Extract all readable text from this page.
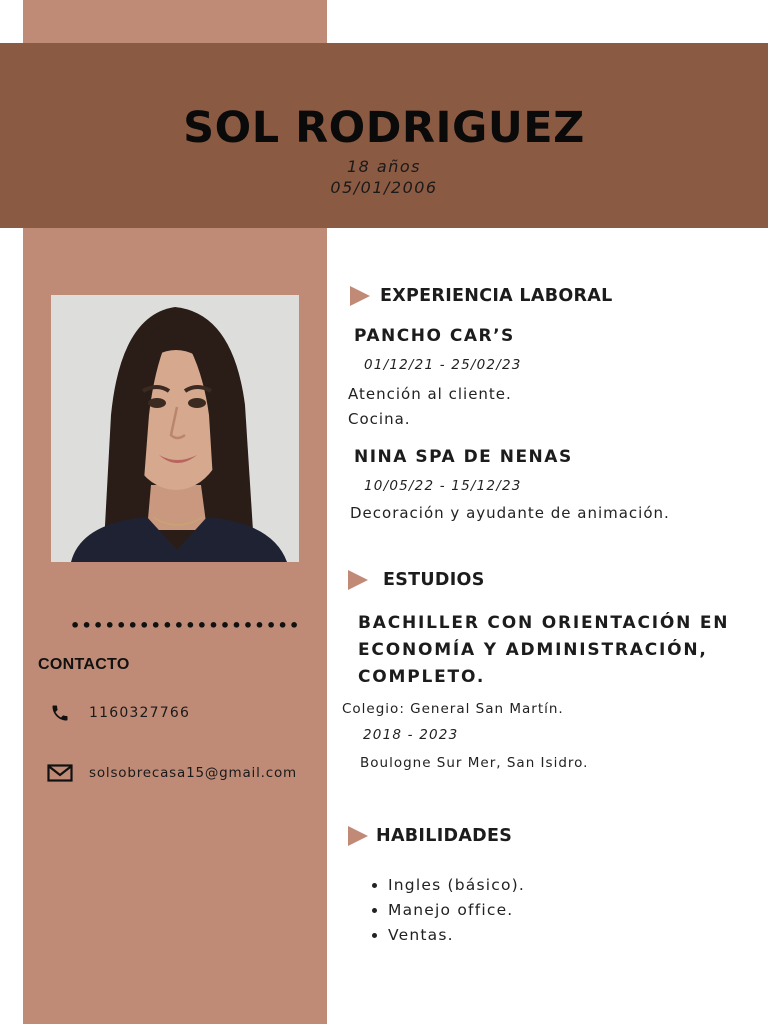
SOL RODRIGUEZ
18 años
05/01/2006
••••••••••••••••••••
CONTACTO
1160327766
solsobrecasa15@gmail.com
EXPERIENCIA LABORAL
PANCHO CAR’S
01/12/21 - 25/02/23
Atención al cliente.
Cocina.
NINA SPA DE NENAS
10/05/22 - 15/12/23
Decoración y ayudante de animación.
ESTUDIOS
BACHILLER CON ORIENTACIÓN EN
ECONOMÍA Y ADMINISTRACIÓN,
COMPLETO.
Colegio: General San Martín.
2018 - 2023
Boulogne Sur Mer, San Isidro.
HABILIDADES
• Ingles (básico).
• Manejo office.
• Ventas.
